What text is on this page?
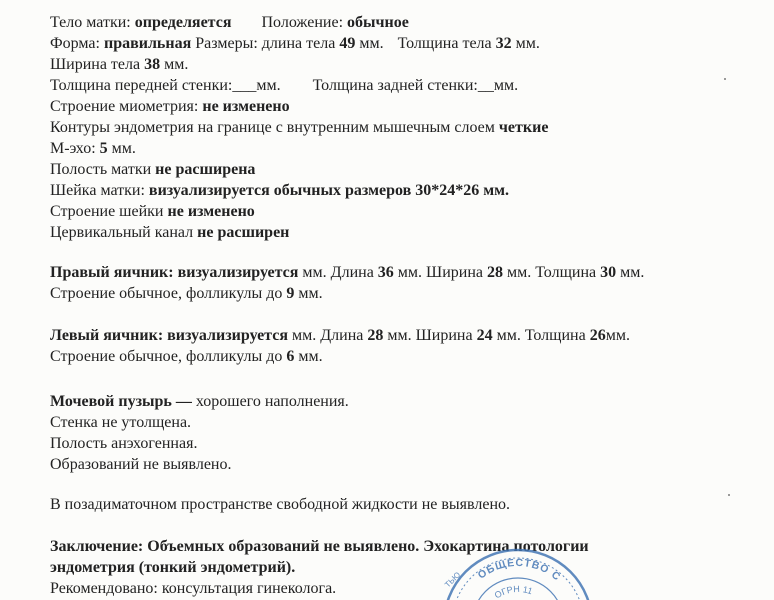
Тело матки: определяется Положение: обычное
Форма: правильная Размеры: длина тела 49 мм. Толщина тела 32 мм.
Ширина тела 38 мм.
Толщина передней стенки:___мм. Толщина задней стенки:__мм.
Строение миометрия: не изменено
Контуры эндометрия на границе с внутренним мышечным слоем четкие
М-эхо: 5 мм.
Полость матки не расширена
Шейка матки: визуализируется обычных размеров 30*24*26 мм.
Строение шейки не изменено
Цервикальный канал не расширен
Правый яичник: визуализируется мм. Длина 36 мм. Ширина 28 мм. Толщина 30 мм.
Строение обычное, фолликулы до 9 мм.
Левый яичник: визуализируется мм. Длина 28 мм. Ширина 24 мм. Толщина 26мм.
Строение обычное, фолликулы до 6 мм.
Мочевой пузырь — хорошего наполнения.
Стенка не утолщена.
Полость анэхогенная.
Образований не выявлено.
В позадиматочном пространстве свободной жидкости не выявлено.
Заключение: Объемных образований не выявлено. Эхокартина потологии
эндометрия (тонкий эндометрий).
Рекомендовано: консультация гинеколога.
ОБЩЕСТВО С
ОГРН 11
ТЬЮ
